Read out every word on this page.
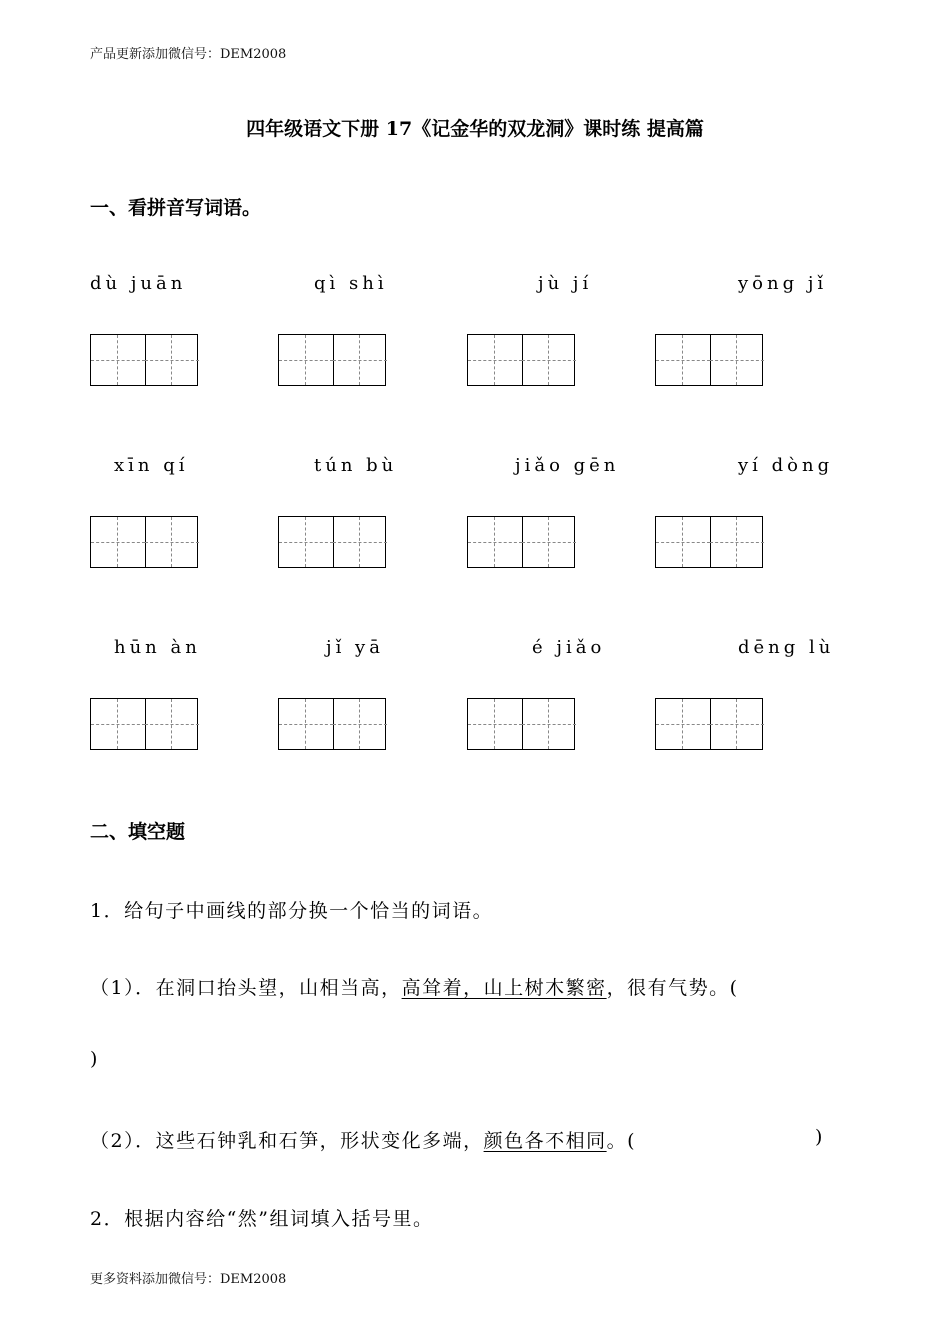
产品更新添加微信号：DEM2008
四年级语文下册 17《记金华的双龙洞》课时练 提高篇
一、看拼音写词语。
dù juān	qì shì	jù jí	yōng jǐ
xīn qí	tún bù	jiǎo gēn	yí dòng
hūn àn	jǐ yā	é jiǎo	dēng lù
二、填空题
1．给句子中画线的部分换一个恰当的词语。
（1）．在洞口抬头望，山相当高，高耸着，山上树木繁密，很有气势。(
)
（2）．这些石钟乳和石笋，形状变化多端，颜色各不相同。(	)
2．根据内容给“然”组词填入括号里。
更多资料添加微信号：DEM2008
